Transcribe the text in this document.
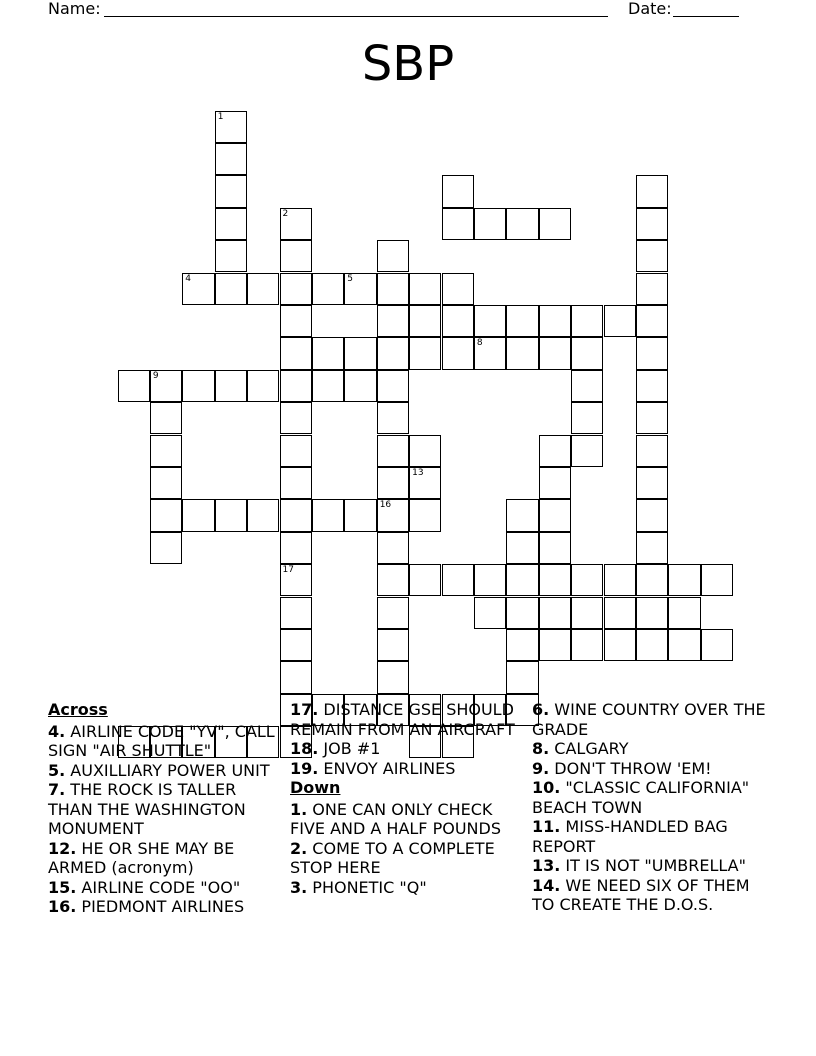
Name:	Date:
SBP
1
2
17
4	5
8
16
9
13
Across
4. AIRLINE CODE "YV", CALL SIGN "AIR SHUTTLE"
5. AUXILLIARY POWER UNIT
7. THE ROCK IS TALLER THAN THE WASHINGTON MONUMENT
12. HE OR SHE MAY BE ARMED (acronym)
15. AIRLINE CODE "OO"
16. PIEDMONT AIRLINES
17. DISTANCE GSE SHOULD REMAIN FROM AN AIRCRAFT
18. JOB #1
19. ENVOY AIRLINES
Down
1. ONE CAN ONLY CHECK FIVE AND A HALF POUNDS
2. COME TO A COMPLETE STOP HERE
3. PHONETIC "Q"
6. WINE COUNTRY OVER THE GRADE
8. CALGARY
9. DON'T THROW 'EM!
10. "CLASSIC CALIFORNIA" BEACH TOWN
11. MISS-HANDLED BAG REPORT
13. IT IS NOT "UMBRELLA"
14. WE NEED SIX OF THEM TO CREATE THE D.O.S.
